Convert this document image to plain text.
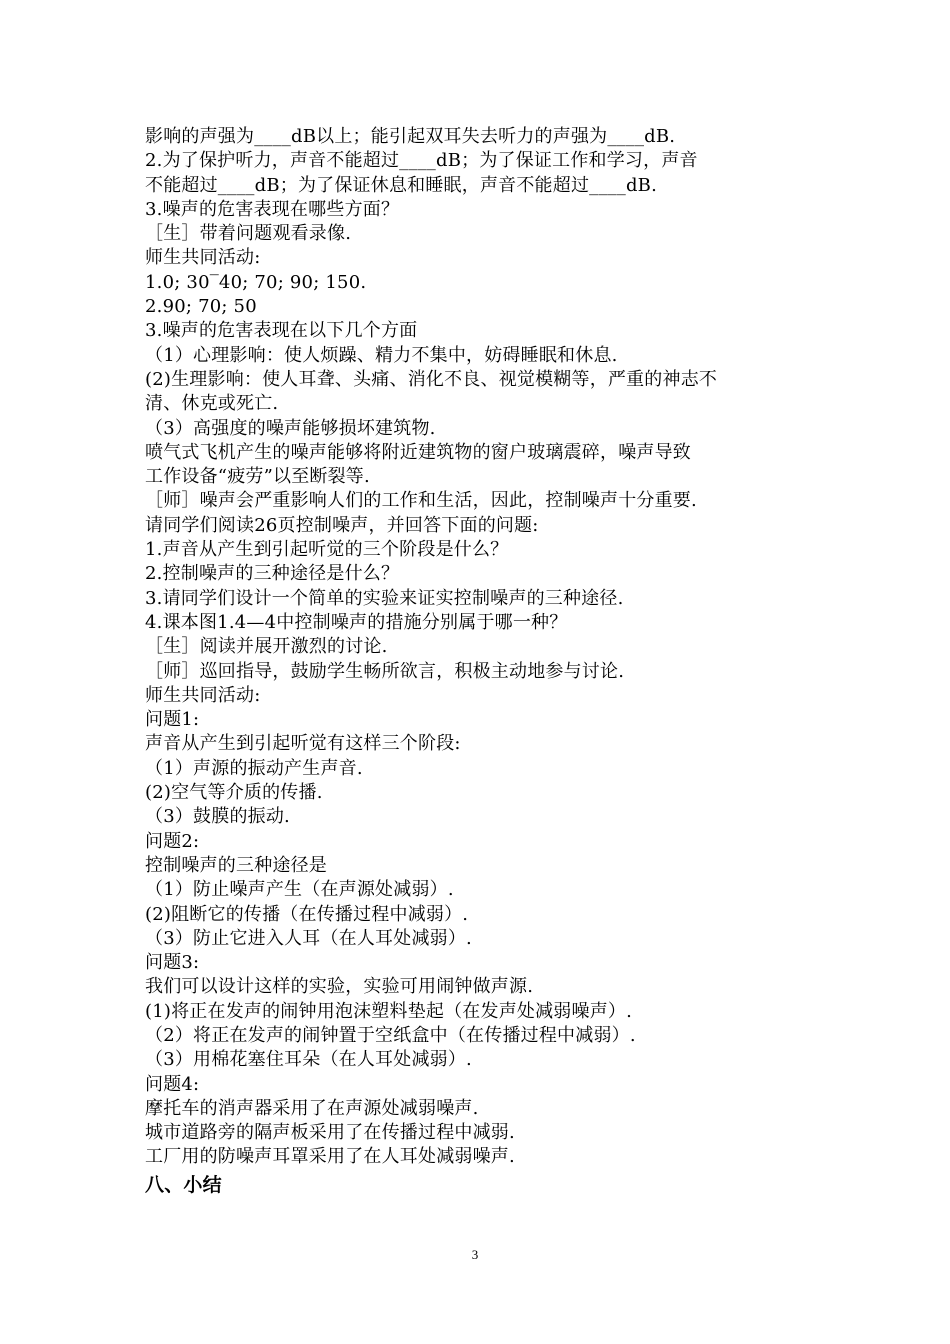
影响的声强为____dB以上；能引起双耳失去听力的声强为____dB.
2.为了保护听力，声音不能超过____dB；为了保证工作和学习，声音
不能超过____dB；为了保证休息和睡眠，声音不能超过____dB.
3.噪声的危害表现在哪些方面？
［生］带着问题观看录像.
师生共同活动:
1.0; 30‾40; 70; 90; 150.
2.90; 70; 50
3.噪声的危害表现在以下几个方面
（1）心理影响：使人烦躁、精力不集中，妨碍睡眠和休息.
(2)生理影响：使人耳聋、头痛、消化不良、视觉模糊等，严重的神志不
清、休克或死亡.
（3）高强度的噪声能够损坏建筑物.
喷气式飞机产生的噪声能够将附近建筑物的窗户玻璃震碎，噪声导致
工作设备“疲劳”以至断裂等.
［师］噪声会严重影响人们的工作和生活，因此，控制噪声十分重要.
请同学们阅读26页控制噪声，并回答下面的问题:
1.声音从产生到引起听觉的三个阶段是什么？
2.控制噪声的三种途径是什么？
3.请同学们设计一个简单的实验来证实控制噪声的三种途径.
4.课本图1.4—4中控制噪声的措施分别属于哪一种？
［生］阅读并展开激烈的讨论.
［师］巡回指导，鼓励学生畅所欲言，积极主动地参与讨论.
师生共同活动:
问题1:
声音从产生到引起听觉有这样三个阶段:
（1）声源的振动产生声音.
(2)空气等介质的传播.
（3）鼓膜的振动.
问题2:
控制噪声的三种途径是
（1）防止噪声产生（在声源处减弱）.
(2)阻断它的传播（在传播过程中减弱）.
（3）防止它进入人耳（在人耳处减弱）.
问题3:
我们可以设计这样的实验，实验可用闹钟做声源.
(1)将正在发声的闹钟用泡沫塑料垫起（在发声处减弱噪声）.
（2）将正在发声的闹钟置于空纸盒中（在传播过程中减弱）.
（3）用棉花塞住耳朵（在人耳处减弱）.
问题4:
摩托车的消声器采用了在声源处减弱噪声.
城市道路旁的隔声板采用了在传播过程中减弱.
工厂用的防噪声耳罩采用了在人耳处减弱噪声.
八、小结
3
